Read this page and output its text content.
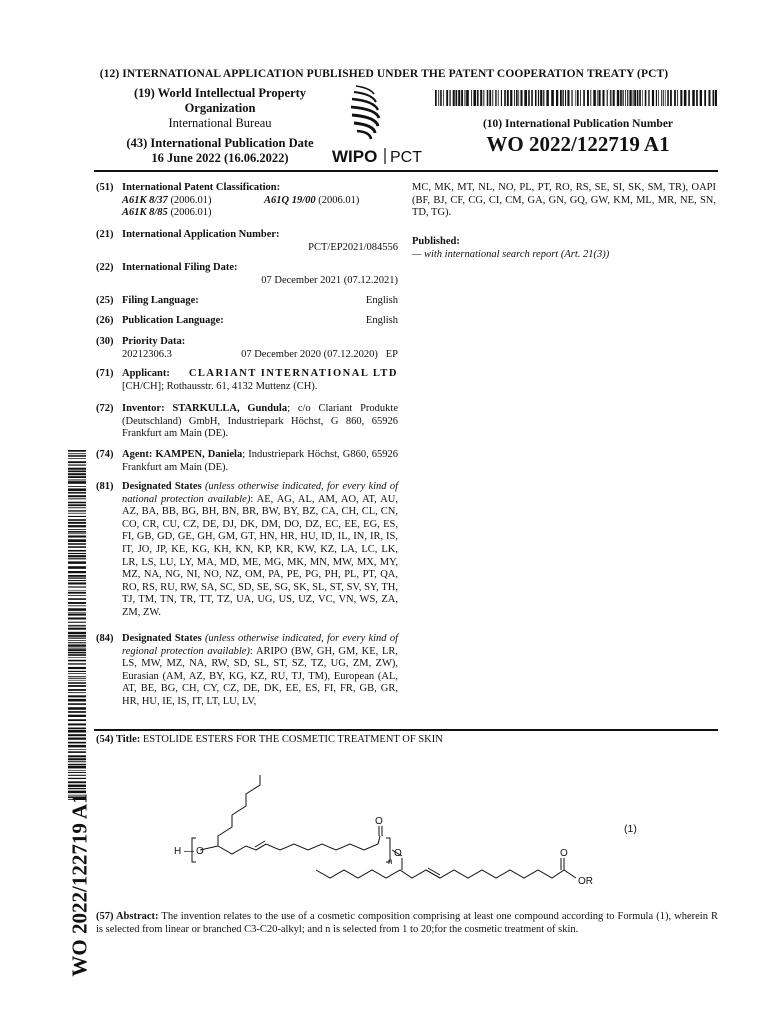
(12) INTERNATIONAL APPLICATION PUBLISHED UNDER THE PATENT COOPERATION TREATY (PCT)
(19) World Intellectual Property
Organization
International Bureau
(43) International Publication Date
16 June 2022 (16.06.2022)	WIPO PCT
(10) International Publication Number
WO 2022/122719 A1
(51) International Patent Classification:
A61K 8/37 (2006.01)	A61Q 19/00 (2006.01)
A61K 8/85 (2006.01)
(21) International Application Number:
PCT/EP2021/084556
(22) International Filing Date:
07 December 2021 (07.12.2021)
(25) Filing Language:	English
(26) Publication Language:	English
(30) Priority Data:
20212306.3	07 December 2020 (07.12.2020) EP
(71) Applicant: CLARIANT INTERNATIONAL LTD
[CH/CH]; Rothausstr. 61, 4132 Muttenz (CH).
(72) Inventor: STARKULLA, Gundula; c/o Clariant Produkte (Deutschland) GmbH, Industriepark Höchst, G 860, 65926 Frankfurt am Main (DE).
(74) Agent: KAMPEN, Daniela; Industriepark Höchst, G860, 65926 Frankfurt am Main (DE).
(81) Designated States (unless otherwise indicated, for every kind of national protection available): AE, AG, AL, AM, AO, AT, AU, AZ, BA, BB, BG, BH, BN, BR, BW, BY, BZ, CA, CH, CL, CN, CO, CR, CU, CZ, DE, DJ, DK, DM, DO, DZ, EC, EE, EG, ES, FI, GB, GD, GE, GH, GM, GT, HN, HR, HU, ID, IL, IN, IR, IS, IT, JO, JP, KE, KG, KH, KN, KP, KR, KW, KZ, LA, LC, LK, LR, LS, LU, LY, MA, MD, ME, MG, MK, MN, MW, MX, MY, MZ, NA, NG, NI, NO, NZ, OM, PA, PE, PG, PH, PL, PT, QA, RO, RS, RU, RW, SA, SC, SD, SE, SG, SK, SL, ST, SV, SY, TH, TJ, TM, TN, TR, TT, TZ, UA, UG, US, UZ, VC, VN, WS, ZA, ZM, ZW.
(84) Designated States (unless otherwise indicated, for every kind of regional protection available): ARIPO (BW, GH, GM, KE, LR, LS, MW, MZ, NA, RW, SD, SL, ST, SZ, TZ, UG, ZM, ZW), Eurasian (AM, AZ, BY, KG, KZ, RU, TJ, TM), European (AL, AT, BE, BG, CH, CY, CZ, DE, DK, EE, ES, FI, FR, GB, GR, HR, HU, IE, IS, IT, LT, LU, LV,
MC, MK, MT, NL, NO, PL, PT, RO, RS, SE, SI, SK, SM, TR), OAPI (BF, BJ, CF, CG, CI, CM, GA, GN, GQ, GW, KM, ML, MR, NE, SN, TD, TG).
Published:
— with international search report (Art. 21(3))
(54) Title: ESTOLIDE ESTERS FOR THE COSMETIC TREATMENT OF SKIN
H — O
O
n
O	O
OR
(1)
(57) Abstract: The invention relates to the use of a cosmetic composition comprising at least one compound according to Formula (1), wherein R is selected from linear or branched C3-C20-alkyl; and n is selected from 1 to 20;for the cosmetic treatment of skin.
WO 2022/122719 A1
